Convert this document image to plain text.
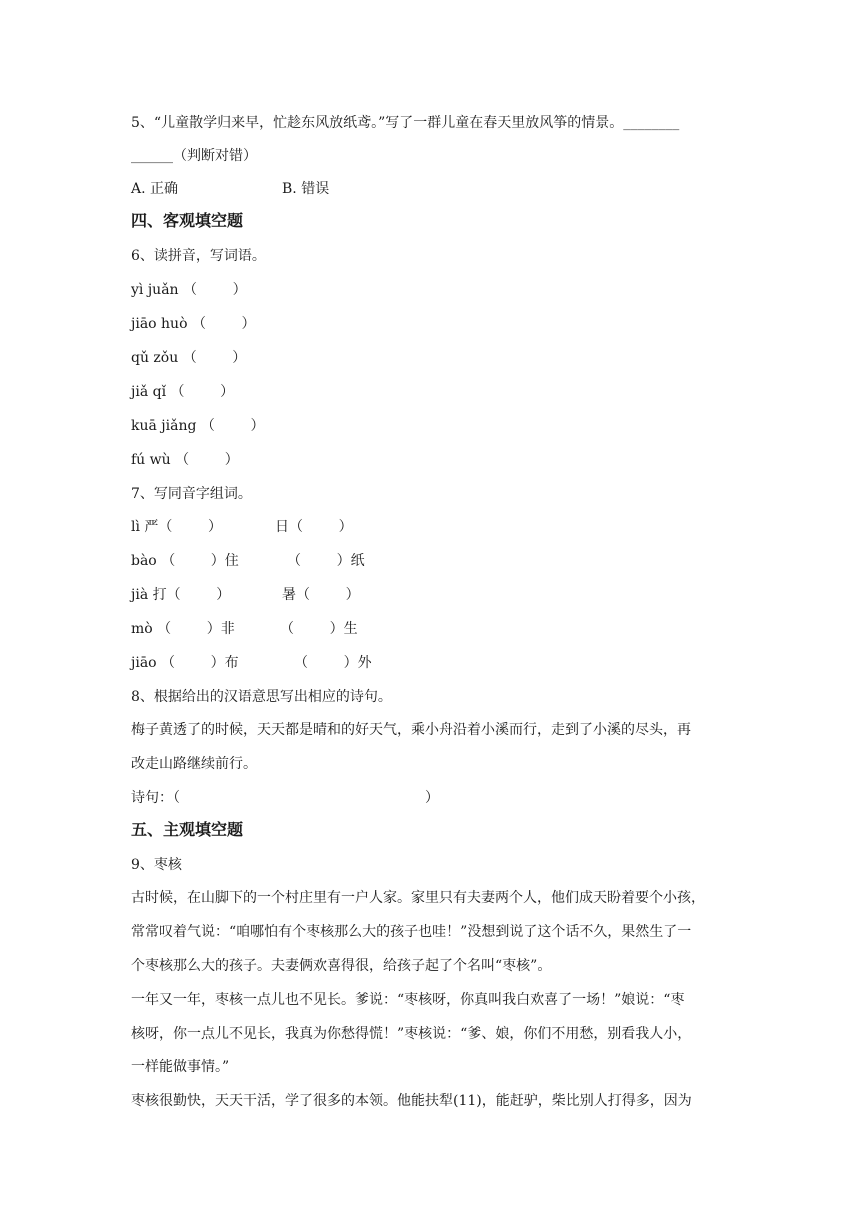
5、“儿童散学归来早，忙趁东风放纸鸢。”写了一群儿童在春天里放风筝的情景。________
______（判断对错）
A. 正确	B. 错误
四、客观填空题
6、读拼音，写词语。
yì juǎn （        ）
jiāo huò （        ）
qǔ zǒu （        ）
jiǎ qǐ （        ）
kuā jiǎng （        ）
fú wù （        ）
7、写同音字组词。
lì 严（        ）	日（        ）
bào （        ）住	（        ）纸
jià 打（        ）	暑（        ）
mò （        ）非	（        ）生
jiāo （        ）布	（        ）外
8、根据给出的汉语意思写出相应的诗句。
梅子黄透了的时候，天天都是晴和的好天气，乘小舟沿着小溪而行，走到了小溪的尽头，再
改走山路继续前行。
诗句：（	）
五、主观填空题
9、枣核
古时候，在山脚下的一个村庄里有一户人家。家里只有夫妻两个人，他们成天盼着要个小孩，
常常叹着气说：“咱哪怕有个枣核那么大的孩子也哇！”没想到说了这个话不久，果然生了一
个枣核那么大的孩子。夫妻俩欢喜得很，给孩子起了个名叫“枣核”。
一年又一年，枣核一点儿也不见长。爹说：“枣核呀，你真叫我白欢喜了一场！”娘说：“枣
核呀，你一点儿不见长，我真为你愁得慌！”枣核说：“爹、娘，你们不用愁，别看我人小，
一样能做事情。”
枣核很勤快，天天干活，学了很多的本领。他能扶犁(11)，能赶驴，柴比别人打得多，因为
